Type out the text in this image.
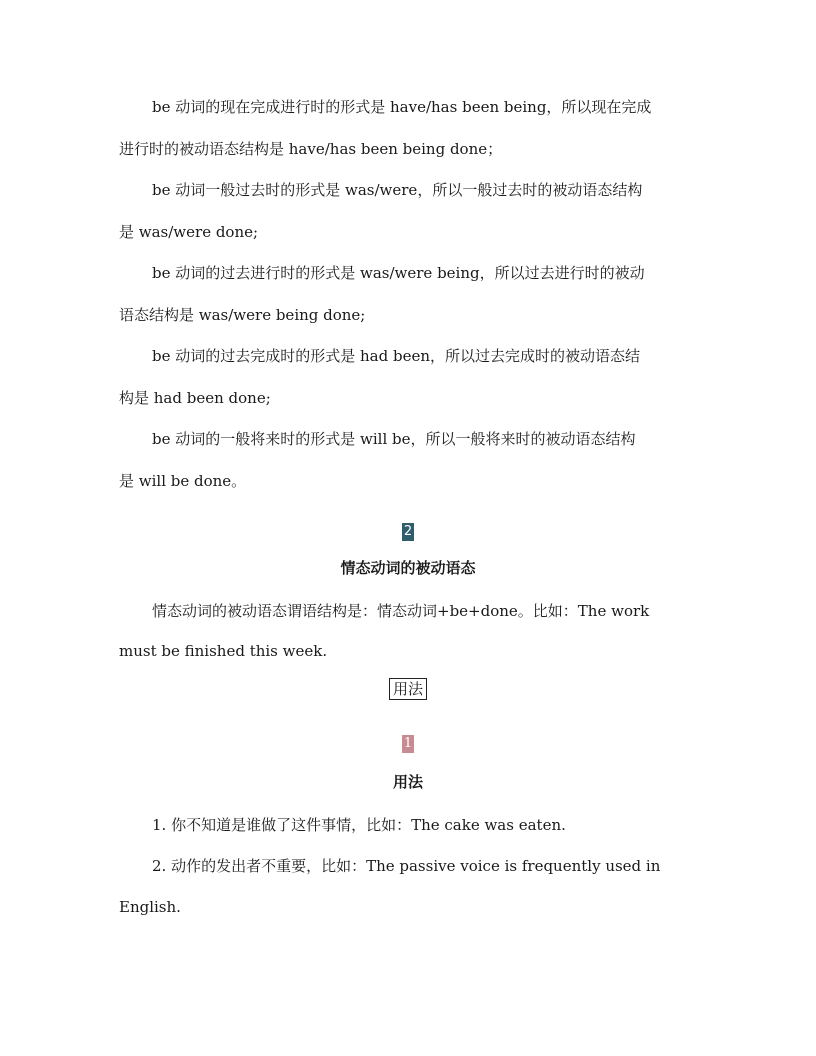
be 动词的现在完成进行时的形式是 have/has been being，所以现在完成
进行时的被动语态结构是 have/has been being done；
be 动词一般过去时的形式是 was/were，所以一般过去时的被动语态结构
是 was/were done;
be 动词的过去进行时的形式是 was/were being，所以过去进行时的被动
语态结构是 was/were being done;
be 动词的过去完成时的形式是 had been，所以过去完成时的被动语态结
构是 had been done;
be 动词的一般将来时的形式是 will be，所以一般将来时的被动语态结构
是 will be done。
2
情态动词的被动语态
情态动词的被动语态谓语结构是：情态动词+be+done。比如：The work
must be finished this week.
用法
1
用法
1. 你不知道是谁做了这件事情，比如：The cake was eaten.
2. 动作的发出者不重要，比如：The passive voice is frequently used in
English.
